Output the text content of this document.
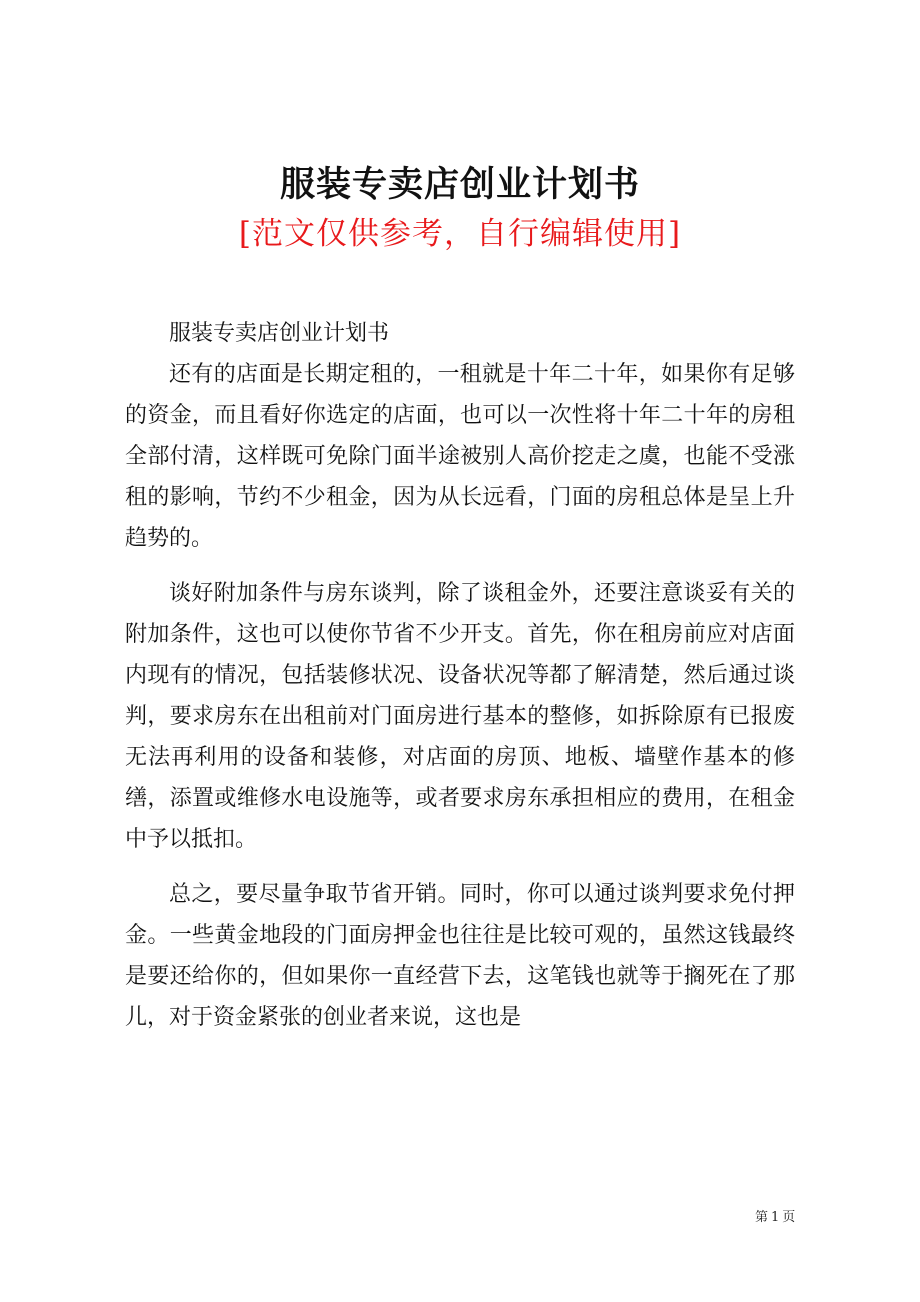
服装专卖店创业计划书
[范文仅供参考，自行编辑使用]

服装专卖店创业计划书

还有的店面是长期定租的，一租就是十年二十年，如果你有足够的资金，而且看好你选定的店面，也可以一次性将十年二十年的房租全部付清，这样既可免除门面半途被别人高价挖走之虞，也能不受涨租的影响，节约不少租金，因为从长远看，门面的房租总体是呈上升趋势的。

谈好附加条件与房东谈判，除了谈租金外，还要注意谈妥有关的附加条件，这也可以使你节省不少开支。首先，你在租房前应对店面内现有的情况，包括装修状况、设备状况等都了解清楚，然后通过谈判，要求房东在出租前对门面房进行基本的整修，如拆除原有已报废无法再利用的设备和装修，对店面的房顶、地板、墙壁作基本的修缮，添置或维修水电设施等，或者要求房东承担相应的费用，在租金中予以抵扣。

总之，要尽量争取节省开销。同时，你可以通过谈判要求免付押金。一些黄金地段的门面房押金也往往是比较可观的，虽然这钱最终是要还给你的，但如果你一直经营下去，这笔钱也就等于搁死在了那儿，对于资金紧张的创业者来说，这也是

第 1 页
